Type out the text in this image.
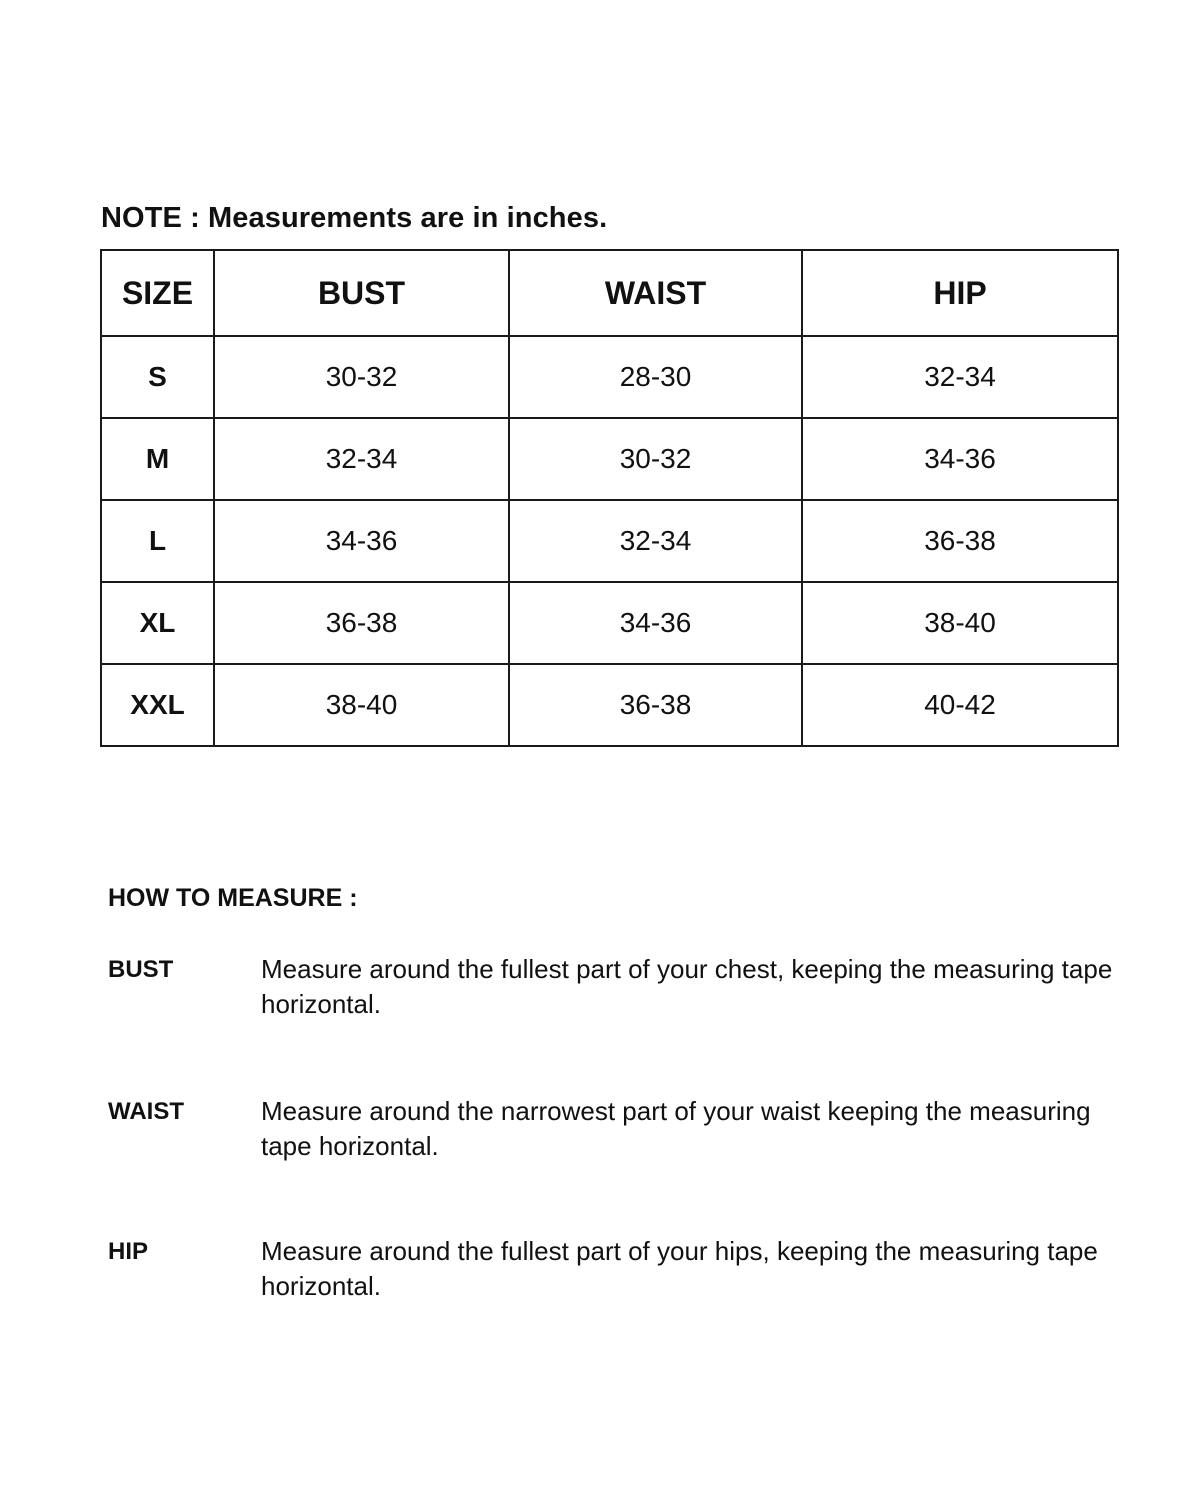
NOTE : Measurements are in inches.

SIZE	BUST	WAIST	HIP
S	30-32	28-30	32-34
M	32-34	30-32	34-36
L	34-36	32-34	36-38
XL	36-38	34-36	38-40
XXL	38-40	36-38	40-42

HOW TO MEASURE :

BUST	Measure around the fullest part of your chest, keeping the measuring tape horizontal.
WAIST	Measure around the narrowest part of your waist keeping the measuring tape horizontal.
HIP	Measure around the fullest part of your hips, keeping the measuring tape horizontal.
